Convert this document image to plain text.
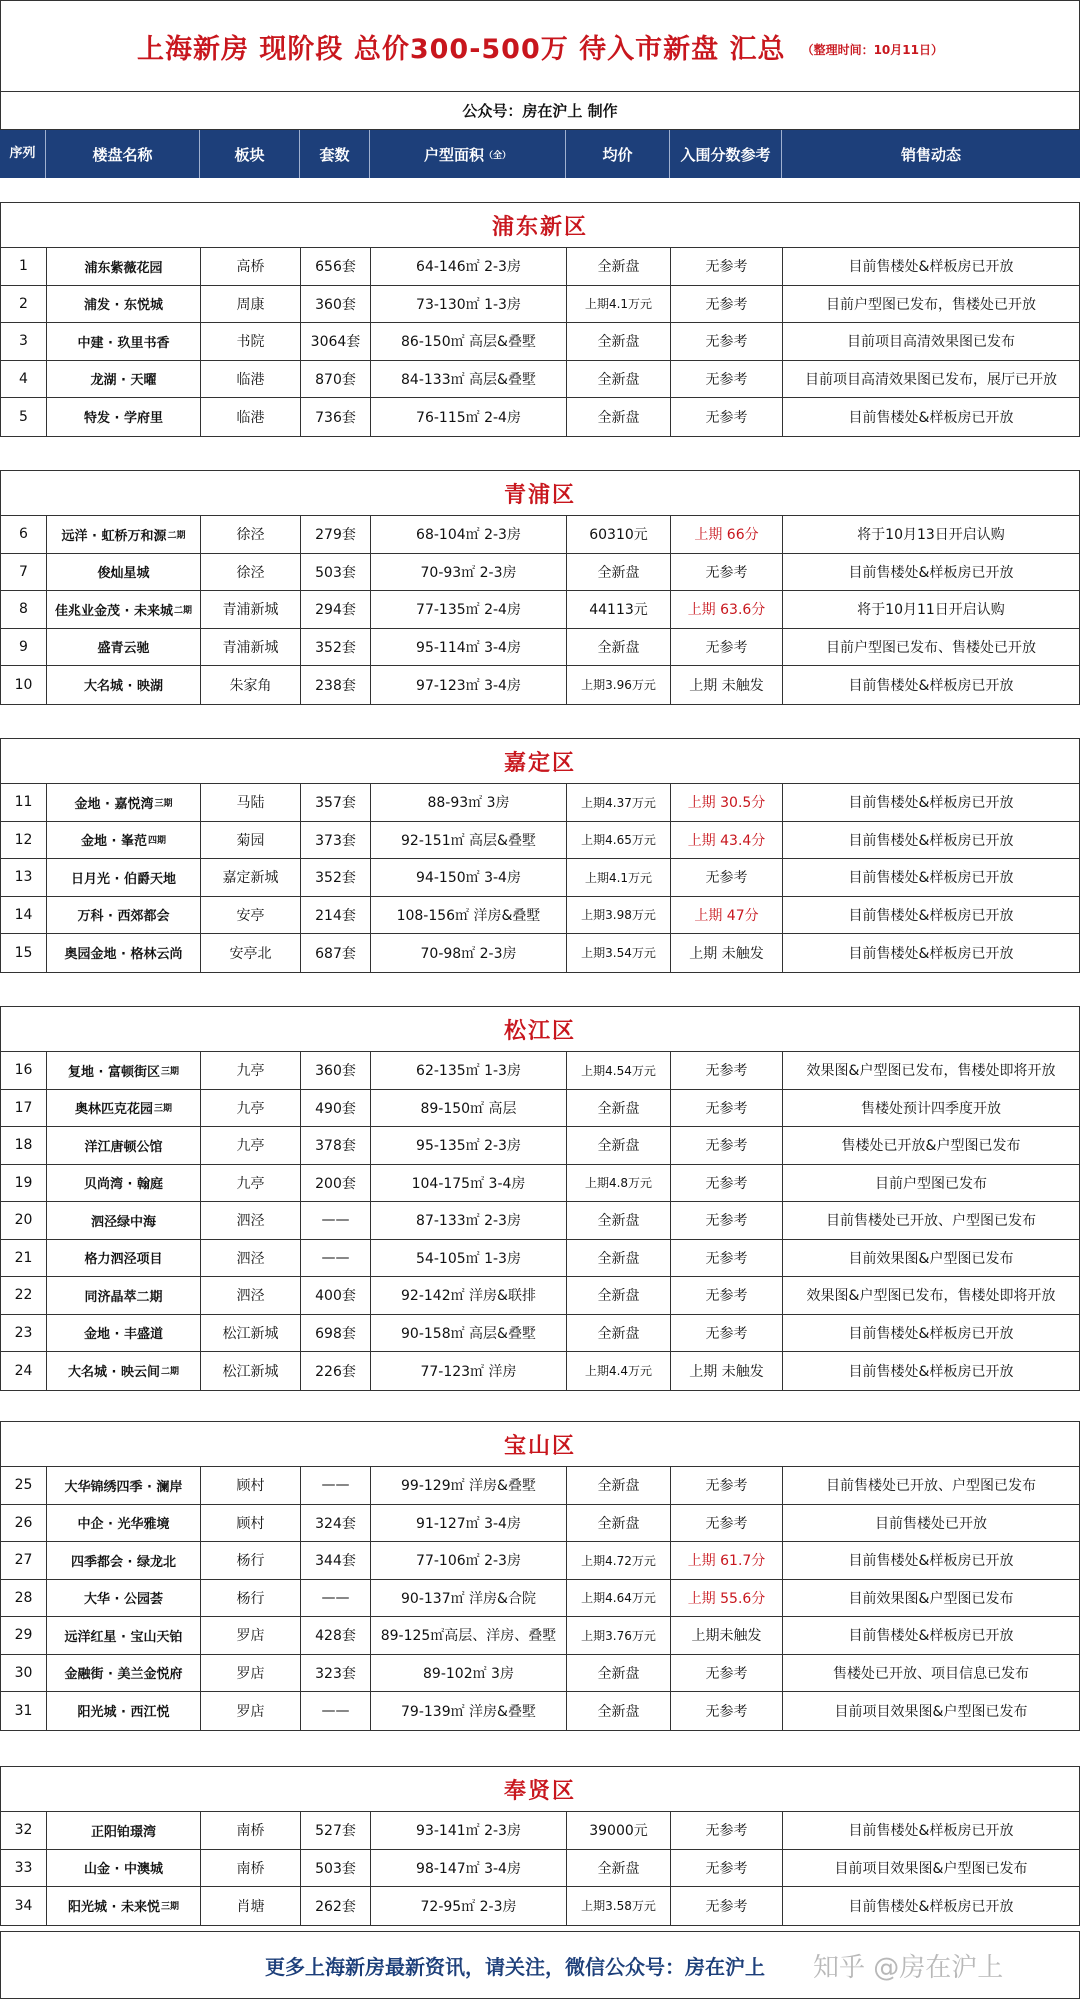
上海新房 现阶段 总价300-500万 待入市新盘 汇总 （整理时间：10月11日）
公众号：房在沪上 制作
序列	楼盘名称	板块	套数	户型面积 （全）	均价	入围分数参考	销售动态
浦东新区
1	浦东紫薇花园	高桥	656套	64-146㎡ 2-3房	全新盘	无参考	目前售楼处&样板房已开放
2	浦发 · 东悦城	周康	360套	73-130㎡ 1-3房	上期4.1万元	无参考	目前户型图已发布，售楼处已开放
3	中建 · 玖里书香	书院	3064套	86-150㎡ 高层&叠墅	全新盘	无参考	目前项目高清效果图已发布
4	龙湖 · 天曜	临港	870套	84-133㎡ 高层&叠墅	全新盘	无参考	目前项目高清效果图已发布，展厅已开放
5	特发 · 学府里	临港	736套	76-115㎡ 2-4房	全新盘	无参考	目前售楼处&样板房已开放
青浦区
6	远洋 · 虹桥万和源 二期	徐泾	279套	68-104㎡ 2-3房	60310元	上期 66分	将于10月13日开启认购
7	俊灿星城	徐泾	503套	70-93㎡ 2-3房	全新盘	无参考	目前售楼处&样板房已开放
8	佳兆业金茂 · 未来城 二期	青浦新城	294套	77-135㎡ 2-4房	44113元	上期 63.6分	将于10月11日开启认购
9	盛青云驰	青浦新城	352套	95-114㎡ 3-4房	全新盘	无参考	目前户型图已发布、售楼处已开放
10	大名城 · 映湖	朱家角	238套	97-123㎡ 3-4房	上期3.96万元	上期 未触发	目前售楼处&样板房已开放
嘉定区
11	金地 · 嘉悦湾 三期	马陆	357套	88-93㎡ 3房	上期4.37万元	上期 30.5分	目前售楼处&样板房已开放
12	金地 · 峯范 四期	菊园	373套	92-151㎡ 高层&叠墅	上期4.65万元	上期 43.4分	目前售楼处&样板房已开放
13	日月光 · 伯爵天地	嘉定新城	352套	94-150㎡ 3-4房	上期4.1万元	无参考	目前售楼处&样板房已开放
14	万科 · 西郊都会	安亭	214套	108-156㎡ 洋房&叠墅	上期3.98万元	上期 47分	目前售楼处&样板房已开放
15	奥园金地 · 格林云尚	安亭北	687套	70-98㎡ 2-3房	上期3.54万元	上期 未触发	目前售楼处&样板房已开放
松江区
16	复地 · 富顿街区 三期	九亭	360套	62-135㎡ 1-3房	上期4.54万元	无参考	效果图&户型图已发布，售楼处即将开放
17	奥林匹克花园 三期	九亭	490套	89-150㎡ 高层	全新盘	无参考	售楼处预计四季度开放
18	洋江唐顿公馆	九亭	378套	95-135㎡ 2-3房	全新盘	无参考	售楼处已开放&户型图已发布
19	贝尚湾 · 翰庭	九亭	200套	104-175㎡ 3-4房	上期4.8万元	无参考	目前户型图已发布
20	泗泾绿中海	泗泾	——	87-133㎡ 2-3房	全新盘	无参考	目前售楼处已开放、户型图已发布
21	格力泗泾项目	泗泾	——	54-105㎡ 1-3房	全新盘	无参考	目前效果图&户型图已发布
22	同济晶萃二期	泗泾	400套	92-142㎡ 洋房&联排	全新盘	无参考	效果图&户型图已发布，售楼处即将开放
23	金地 · 丰盛道	松江新城	698套	90-158㎡ 高层&叠墅	全新盘	无参考	目前售楼处&样板房已开放
24	大名城 · 映云间 二期	松江新城	226套	77-123㎡ 洋房	上期4.4万元	上期 未触发	目前售楼处&样板房已开放
宝山区
25	大华锦绣四季 · 澜岸	顾村	——	99-129㎡ 洋房&叠墅	全新盘	无参考	目前售楼处已开放、户型图已发布
26	中企 · 光华雅境	顾村	324套	91-127㎡ 3-4房	全新盘	无参考	目前售楼处已开放
27	四季都会 · 绿龙北	杨行	344套	77-106㎡ 2-3房	上期4.72万元	上期 61.7分	目前售楼处&样板房已开放
28	大华 · 公园荟	杨行	——	90-137㎡ 洋房&合院	上期4.64万元	上期 55.6分	目前效果图&户型图已发布
29	远洋红星 · 宝山天铂	罗店	428套	89-125㎡高层、洋房、叠墅	上期3.76万元	上期未触发	目前售楼处&样板房已开放
30	金融街 · 美兰金悦府	罗店	323套	89-102㎡ 3房	全新盘	无参考	售楼处已开放、项目信息已发布
31	阳光城 · 西江悦	罗店	——	79-139㎡ 洋房&叠墅	全新盘	无参考	目前项目效果图&户型图已发布
奉贤区
32	正阳铂璟湾	南桥	527套	93-141㎡ 2-3房	39000元	无参考	目前售楼处&样板房已开放
33	山金 · 中澳城	南桥	503套	98-147㎡ 3-4房	全新盘	无参考	目前项目效果图&户型图已发布
34	阳光城 · 未来悦 三期	肖塘	262套	72-95㎡ 2-3房	上期3.58万元	无参考	目前售楼处&样板房已开放
更多上海新房最新资讯，请关注，微信公众号：房在沪上 知乎 @房在沪上
